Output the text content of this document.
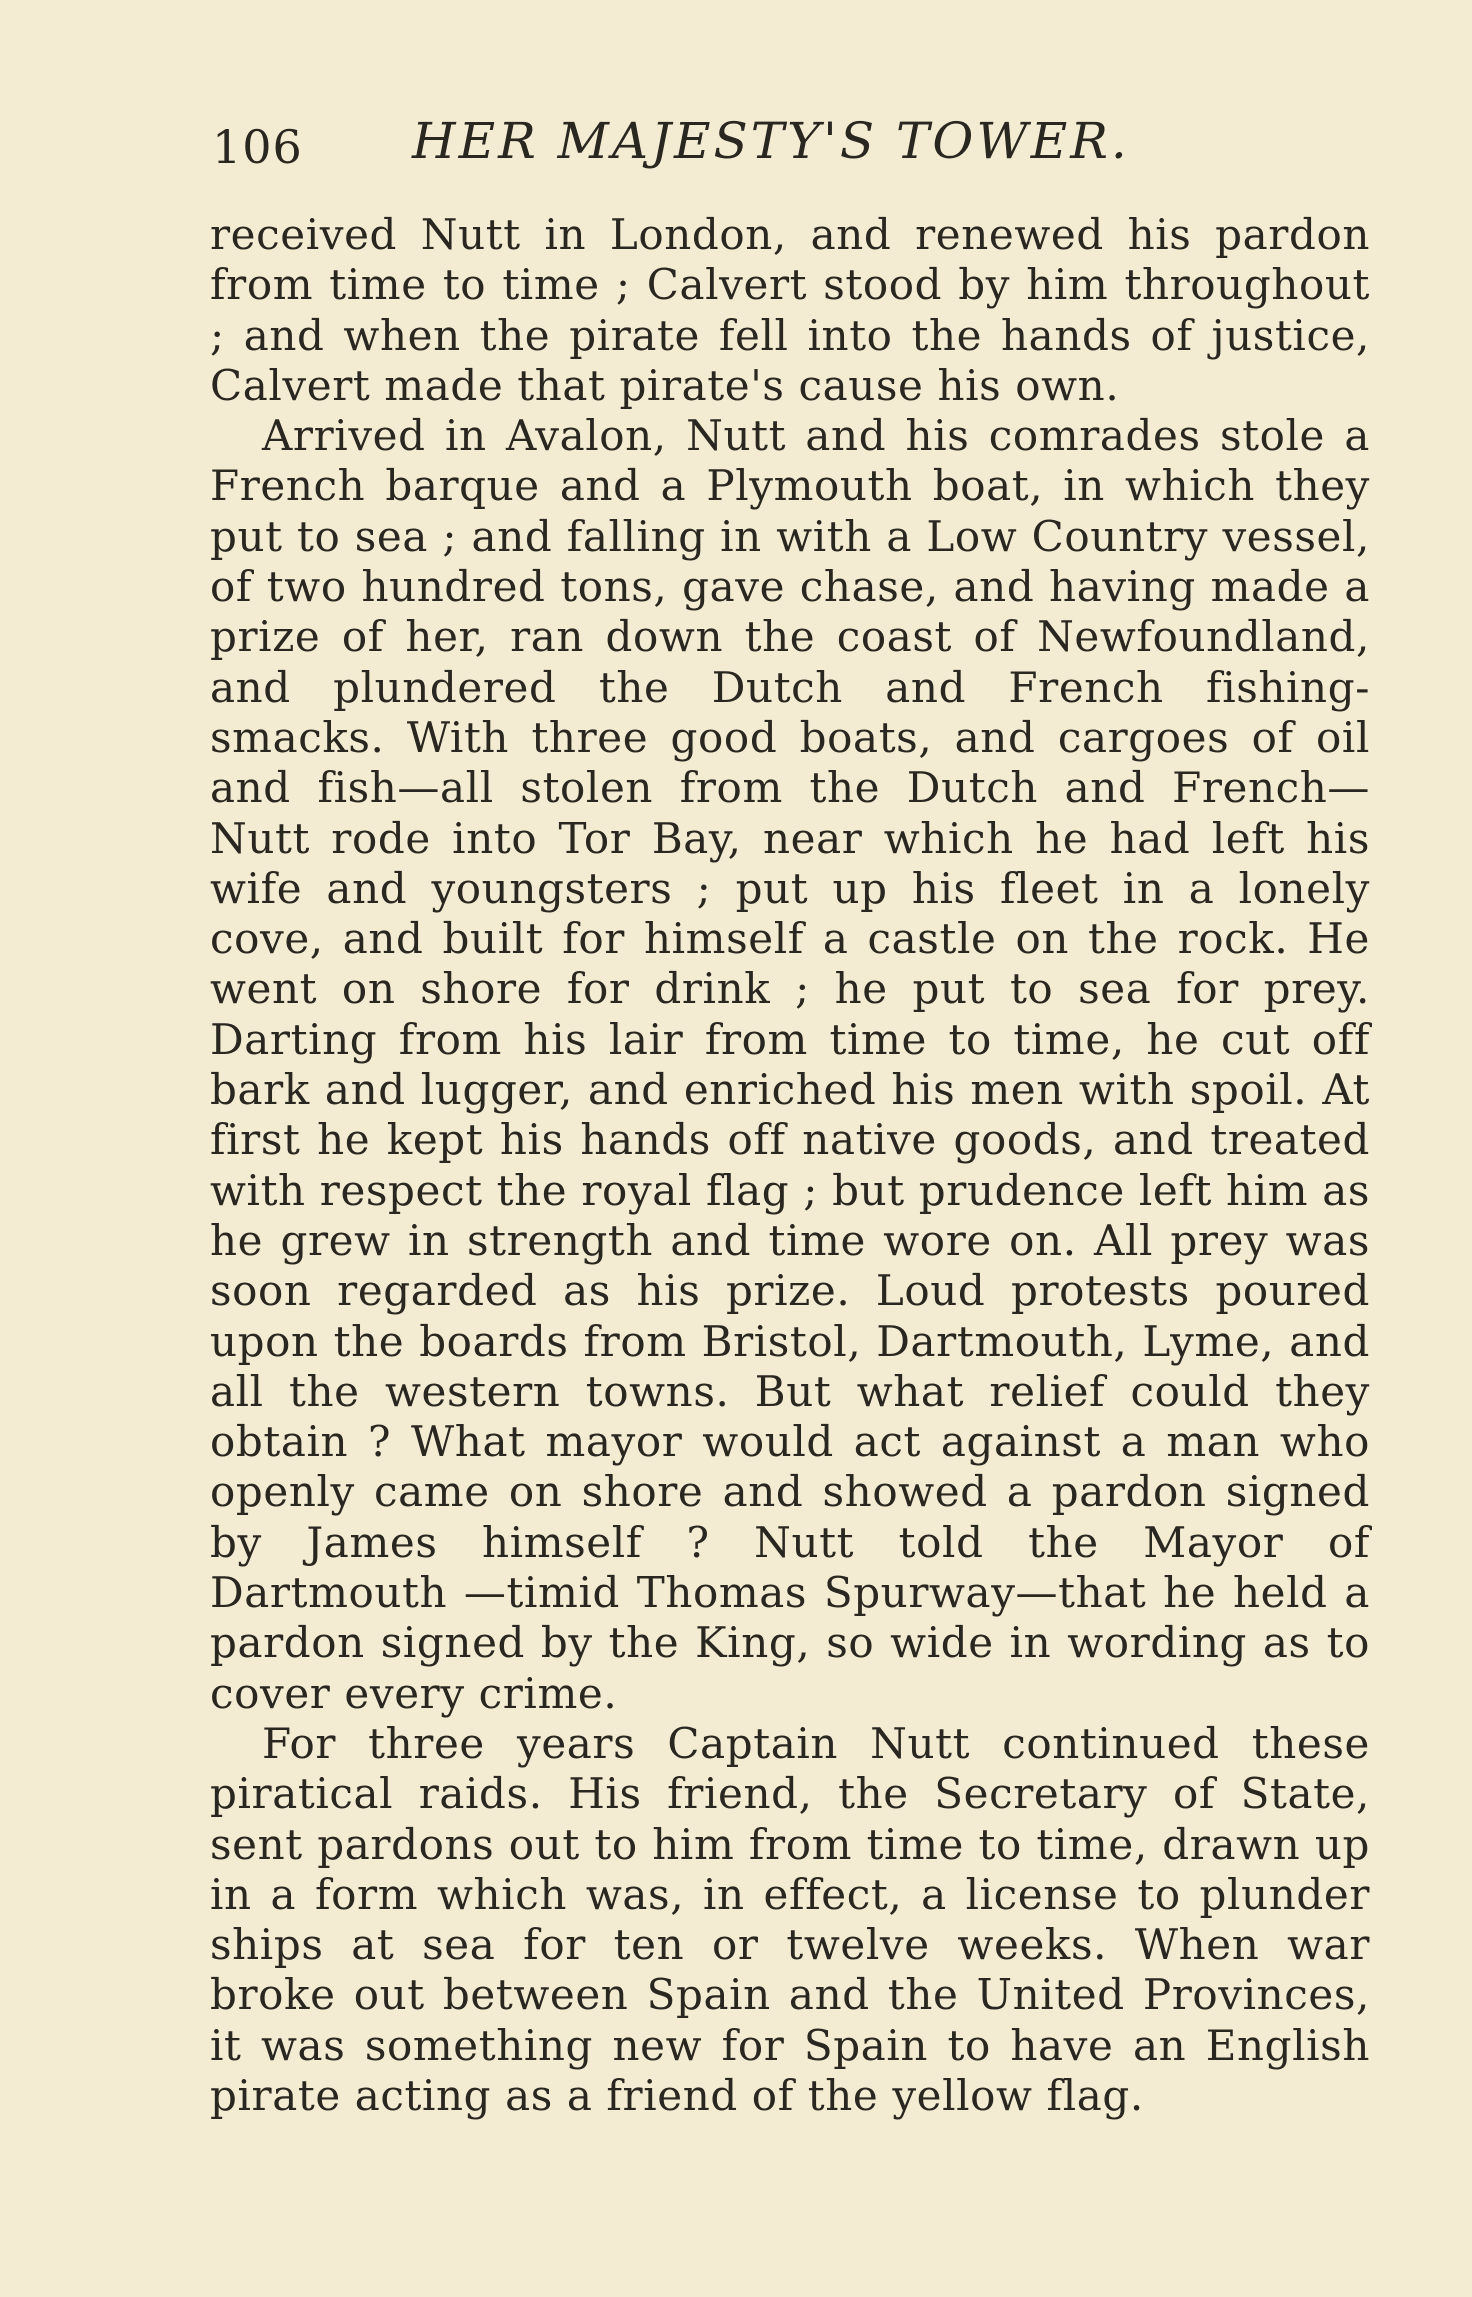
106 HER MAJESTY'S TOWER.

received Nutt in London, and renewed his pardon from time to time ; Calvert stood by him throughout ; and when the pirate fell into the hands of justice, Calvert made that pirate's cause his own.

Arrived in Avalon, Nutt and his comrades stole a French barque and a Plymouth boat, in which they put to sea ; and falling in with a Low Country vessel, of two hundred tons, gave chase, and having made a prize of her, ran down the coast of Newfoundland, and plundered the Dutch and French fishing-smacks. With three good boats, and cargoes of oil and fish—all stolen from the Dutch and French—Nutt rode into Tor Bay, near which he had left his wife and youngsters ; put up his fleet in a lonely cove, and built for himself a castle on the rock. He went on shore for drink ; he put to sea for prey. Darting from his lair from time to time, he cut off bark and lugger, and enriched his men with spoil. At first he kept his hands off native goods, and treated with respect the royal flag ; but prudence left him as he grew in strength and time wore on. All prey was soon regarded as his prize. Loud protests poured upon the boards from Bristol, Dartmouth, Lyme, and all the western towns. But what relief could they obtain ? What mayor would act against a man who openly came on shore and showed a pardon signed by James himself ? Nutt told the Mayor of Dartmouth —timid Thomas Spurway—that he held a pardon signed by the King, so wide in wording as to cover every crime.

For three years Captain Nutt continued these piratical raids. His friend, the Secretary of State, sent pardons out to him from time to time, drawn up in a form which was, in effect, a license to plunder ships at sea for ten or twelve weeks. When war broke out between Spain and the United Provinces, it was something new for Spain to have an English pirate acting as a friend of the yellow flag.
